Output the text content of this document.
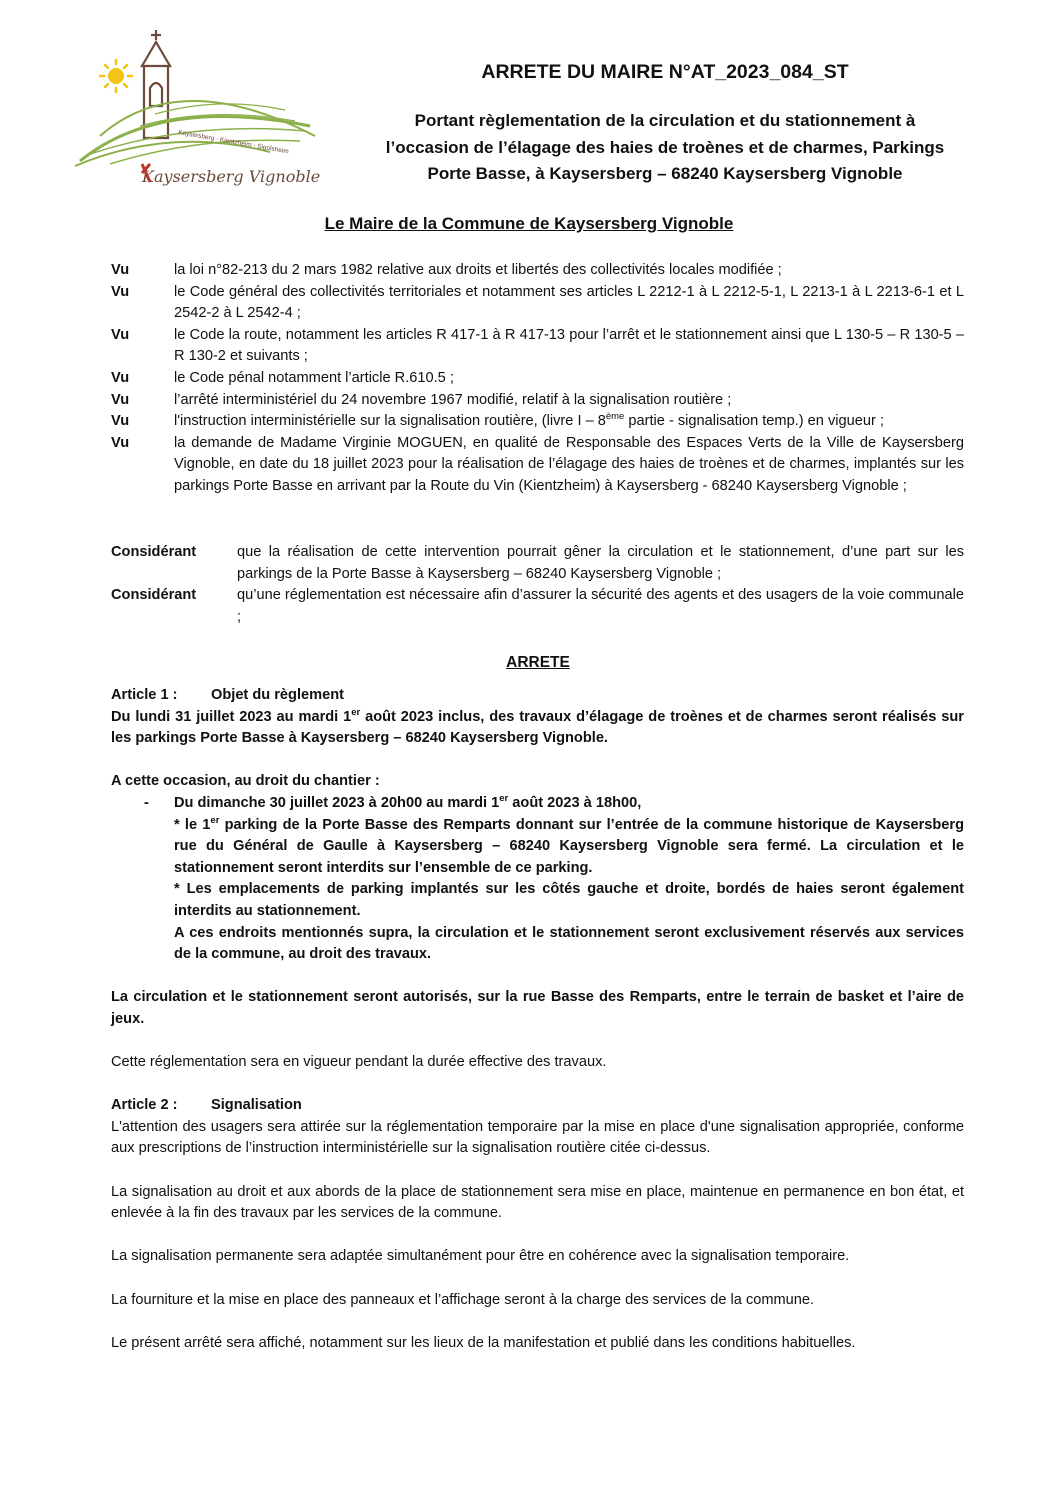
Kaysersberg · Kientzheim · Sigolsheim
Kaysersberg Vignoble
ARRETE DU MAIRE N°AT_2023_084_ST
Portant règlementation de la circulation et du stationnement à
l’occasion de l’élagage des haies de troènes et de charmes, Parkings
Porte Basse, à Kaysersberg – 68240 Kaysersberg Vignoble
Le Maire de la Commune de Kaysersberg Vignoble
Vu	la loi n°82-213 du 2 mars 1982 relative aux droits et libertés des collectivités locales modifiée ;
Vu	le Code général des collectivités territoriales et notamment ses articles L 2212-1 à L 2212-5-1, L 2213-1 à L 2213-6-1 et L 2542-2 à L 2542-4 ;
Vu	le Code la route, notamment les articles R 417-1 à R 417-13 pour l’arrêt et le stationnement ainsi que L 130-5 – R 130-5 – R 130-2 et suivants ;
Vu	le Code pénal notamment l’article R.610.5 ;
Vu	l’arrêté interministériel du 24 novembre 1967 modifié, relatif à la signalisation routière ;
Vu	l'instruction interministérielle sur la signalisation routière, (livre I – 8ème partie - signalisation temp.) en vigueur ;
Vu	la demande de Madame Virginie MOGUEN, en qualité de Responsable des Espaces Verts de la Ville de Kaysersberg Vignoble, en date du 18 juillet 2023 pour la réalisation de l’élagage des haies de troènes et de charmes, implantés sur les parkings Porte Basse en arrivant par la Route du Vin (Kientzheim) à Kaysersberg - 68240 Kaysersberg Vignoble ;
Considérant	que la réalisation de cette intervention pourrait gêner la circulation et le stationnement, d’une part sur les parkings de la Porte Basse à Kaysersberg – 68240 Kaysersberg Vignoble ;
Considérant	qu’une réglementation est nécessaire afin d’assurer la sécurité des agents et des usagers de la voie communale ;
ARRETE
Article 1 : Objet du règlement
Du lundi 31 juillet 2023 au mardi 1er août 2023 inclus, des travaux d’élagage de troènes et de charmes seront réalisés sur les parkings Porte Basse à Kaysersberg – 68240 Kaysersberg Vignoble.
A cette occasion, au droit du chantier :
-	Du dimanche 30 juillet 2023 à 20h00 au mardi 1er août 2023 à 18h00,
* le 1er parking de la Porte Basse des Remparts donnant sur l’entrée de la commune historique de Kaysersberg rue du Général de Gaulle à Kaysersberg – 68240 Kaysersberg Vignoble sera fermé. La circulation et le stationnement seront interdits sur l’ensemble de ce parking.
* Les emplacements de parking implantés sur les côtés gauche et droite, bordés de haies seront également interdits au stationnement.
A ces endroits mentionnés supra, la circulation et le stationnement seront exclusivement réservés aux services de la commune, au droit des travaux.
La circulation et le stationnement seront autorisés, sur la rue Basse des Remparts, entre le terrain de basket et l’aire de jeux.
Cette réglementation sera en vigueur pendant la durée effective des travaux.
Article 2 : Signalisation
L'attention des usagers sera attirée sur la réglementation temporaire par la mise en place d'une signalisation appropriée, conforme aux prescriptions de l’instruction interministérielle sur la signalisation routière citée ci-dessus.
La signalisation au droit et aux abords de la place de stationnement sera mise en place, maintenue en permanence en bon état, et enlevée à la fin des travaux par les services de la commune.
La signalisation permanente sera adaptée simultanément pour être en cohérence avec la signalisation temporaire.
La fourniture et la mise en place des panneaux et l’affichage seront à la charge des services de la commune.
Le présent arrêté sera affiché, notamment sur les lieux de la manifestation et publié dans les conditions habituelles.
